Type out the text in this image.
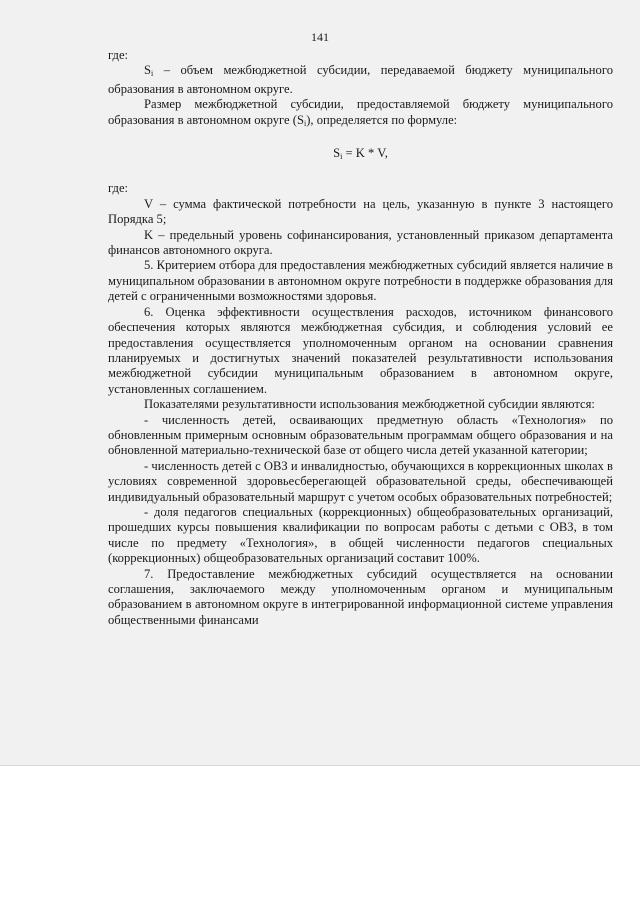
141

где:

$S_i$ – объем межбюджетной субсидии, передаваемой бюджету муниципального образования в автономном округе.

Размер межбюджетной субсидии, предоставляемой бюджету муниципального образования в автономном округе $(S_i)$, определяется по формуле:

$S_i = K * V$,

где:

V – сумма фактической потребности на цель, указанную в пункте 3 настоящего Порядка 5;

K – предельный уровень софинансирования, установленный приказом департамента финансов автономного округа.

5. Критерием отбора для предоставления межбюджетных субсидий является наличие в муниципальном образовании в автономном округе потребности в поддержке образования для детей с ограниченными возможностями здоровья.

6. Оценка эффективности осуществления расходов, источником финансового обеспечения которых являются межбюджетная субсидия, и соблюдения условий ее предоставления осуществляется уполномоченным органом на основании сравнения планируемых и достигнутых значений показателей результативности использования межбюджетной субсидии муниципальным образованием в автономном округе, установленных соглашением.

Показателями результативности использования межбюджетной субсидии являются:

- численность детей, осваивающих предметную область «Технология» по обновленным примерным основным образовательным программам общего образования и на обновленной материально-технической базе от общего числа детей указанной категории;

- численность детей с ОВЗ и инвалидностью, обучающихся в коррекционных школах в условиях современной здоровьесберегающей образовательной среды, обеспечивающей индивидуальный образовательный маршрут с учетом особых образовательных потребностей;

- доля педагогов специальных (коррекционных) общеобразовательных организаций, прошедших курсы повышения квалификации по вопросам работы с детьми с ОВЗ, в том числе по предмету «Технология», в общей численности педагогов специальных (коррекционных) общеобразовательных организаций составит 100%.

7. Предоставление межбюджетных субсидий осуществляется на основании соглашения, заключаемого между уполномоченным органом и муниципальным образованием в автономном округе в интегрированной информационной системе управления общественными финансами
